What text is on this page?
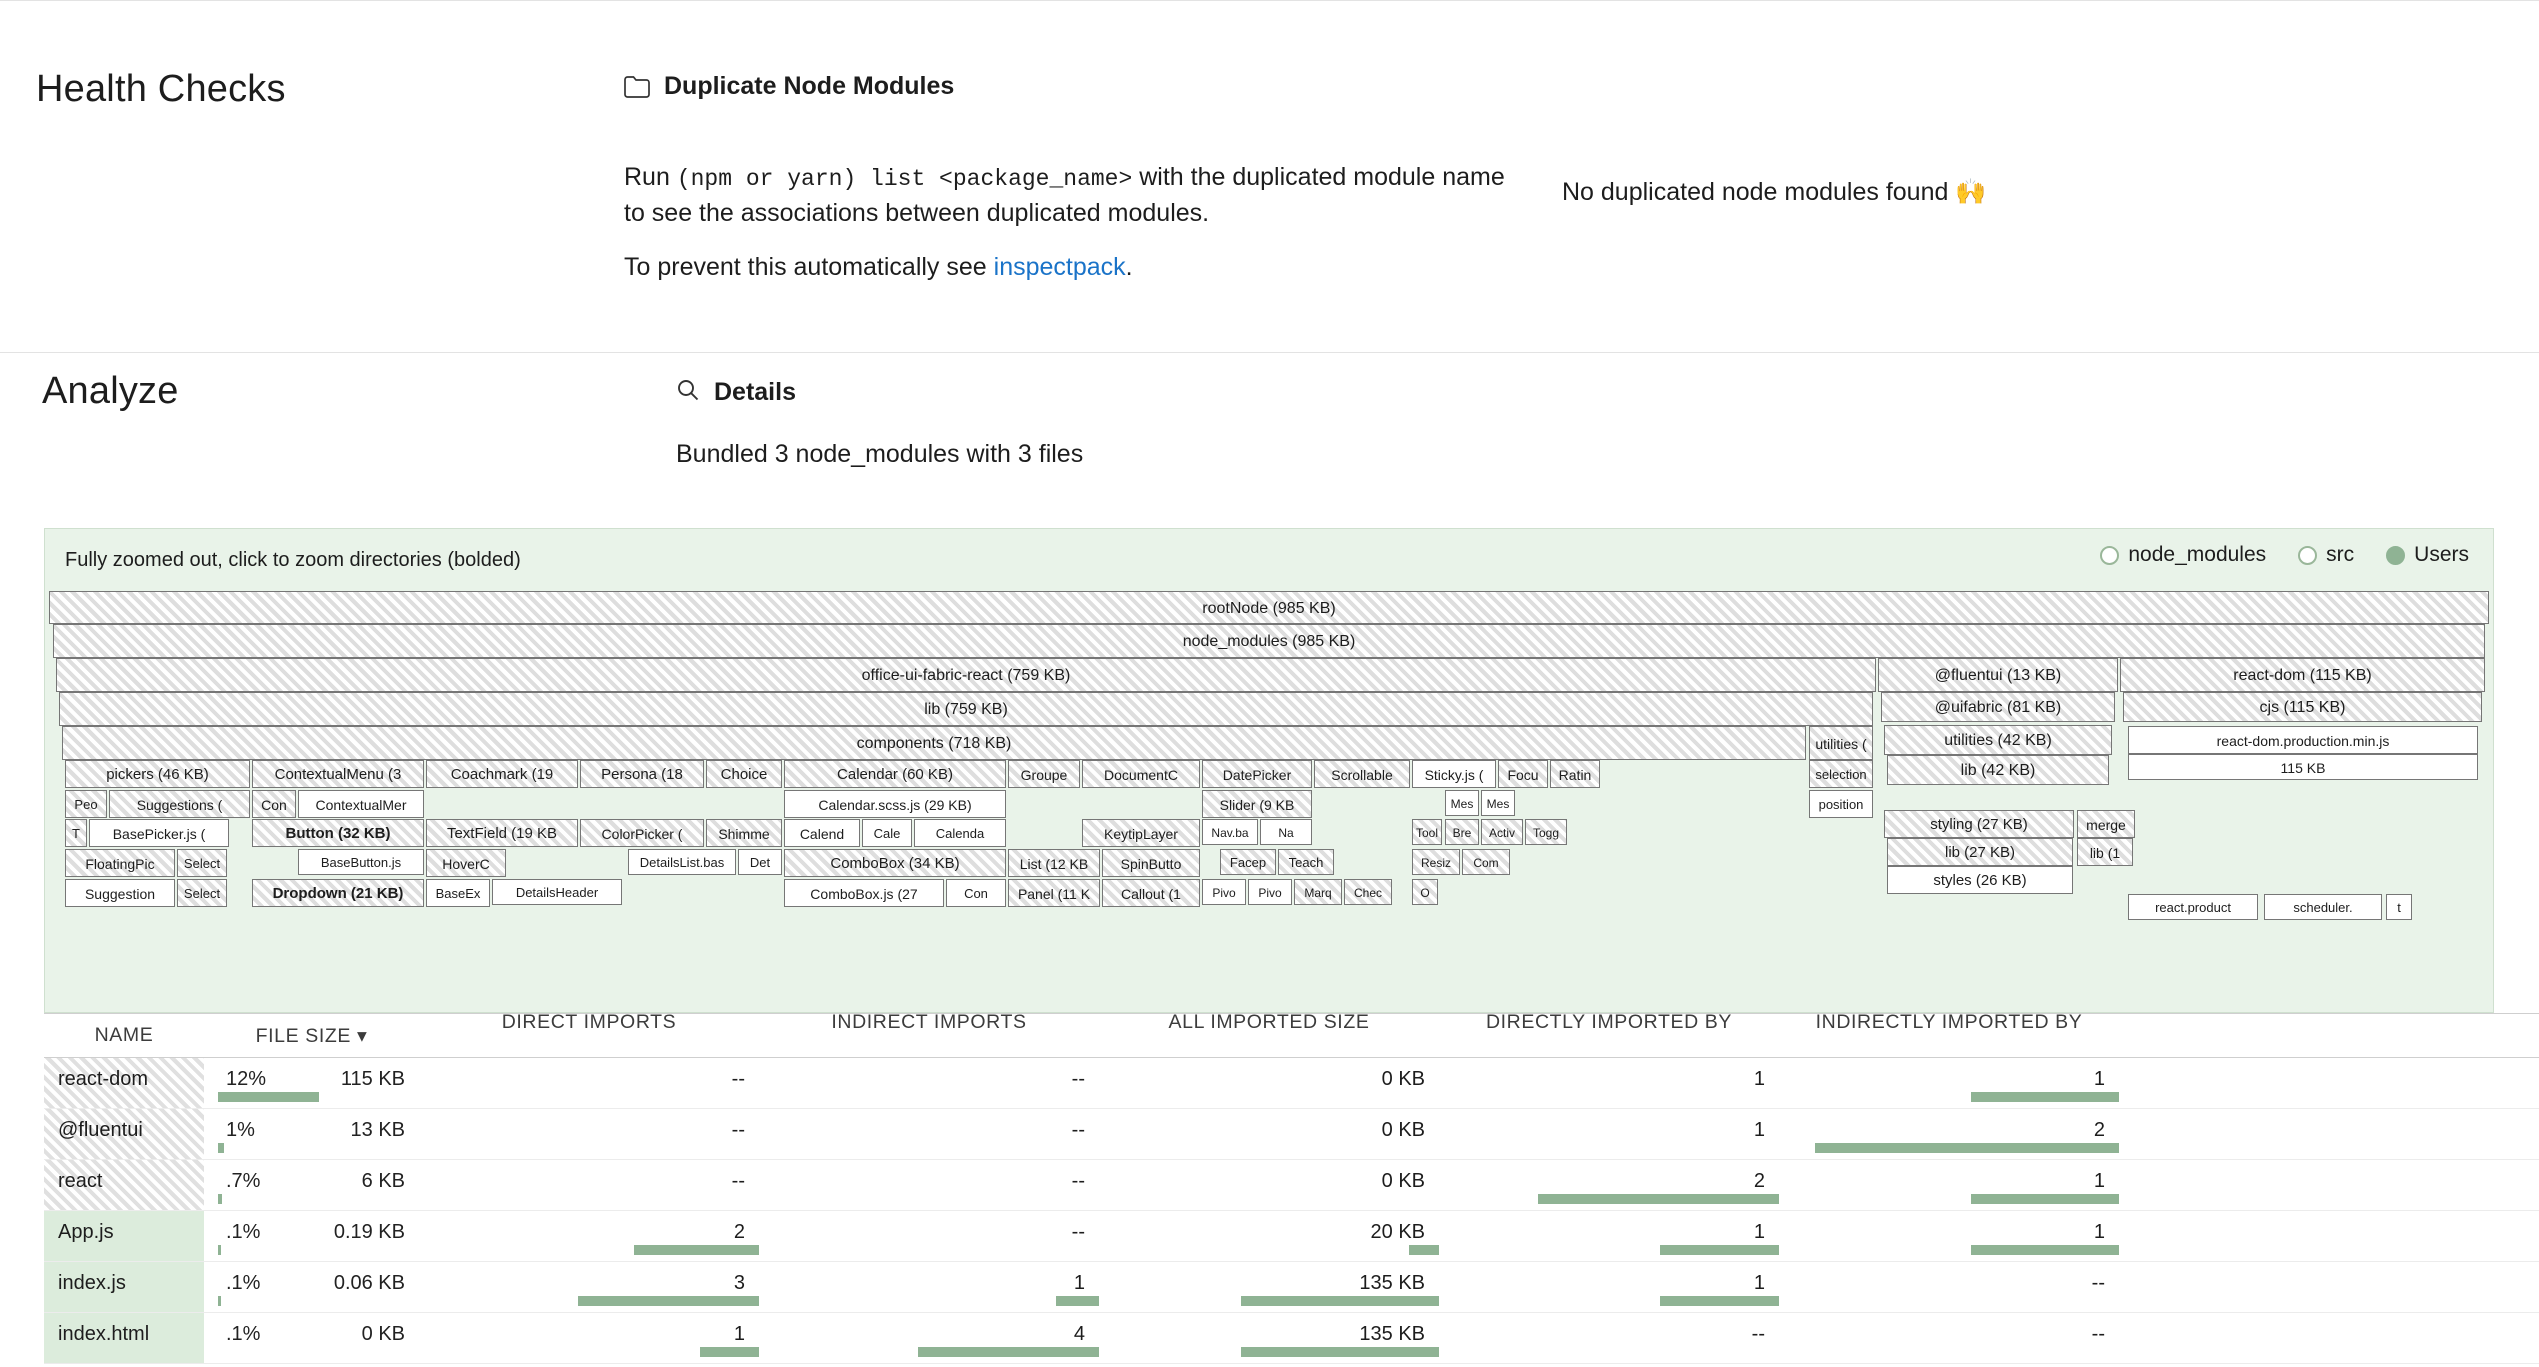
Health Checks	Duplicate Node Modules
Run (npm or yarn) list <package_name> with the duplicated module name to see the associations between duplicated modules.
To prevent this automatically see inspectpack.
No duplicated node modules found 🙌
Analyze	Details
Bundled 3 node_modules with 3 files
Fully zoomed out, click to zoom directories (bolded)	node_modules	src	Users
rootNode (985 KB)
node_modules (985 KB)
office-ui-fabric-react (759 KB)	@fluentui (13 KB)	react-dom (115 KB)
lib (759 KB)	@uifabric (81 KB)	cjs (115 KB)
components (718 KB)	utilities (	utilities (42 KB)	react-dom.production.min.js
115 KB
lib (42 KB)
styling (27 KB)	merge
lib (27 KB)	lib (1
styles (26 KB)
pickers (46 KB)	ContextualMenu (3	Coachmark (19	Persona (18	Choice	Calendar (60 KB)	Groupe	DocumentC	DatePicker	Scrollable	Sticky.js (	Focu	Ratin	selection
Peo	Suggestions (	Con	ContextualMer
TextField (19 KB	ColorPicker (	Shimme
Calendar.scss.js (29 KB)	Slider (9 KB	Mes	Mes	position
T	BasePicker.js (	Button (32 KB)	Calend	Cale	Calenda	KeytipLayer	Nav.ba	Na	Tool	Bre	Activ	Togg
FloatingPic	Select	HoverC
BaseButton.js	ComboBox (34 KB)	List (12 KB	SpinButto	Facep	Teach	Resiz	Com
Suggestion	Select	Dropdown (21 KB)	BaseEx	DetailsHeader	ComboBox.js (27	Con	Panel (11 K	Callout (1	Pivo	Pivo	Marq	Chec	O
react.product	scheduler.	t
DetailsList.bas	Det
NAME	FILE SIZE ▾
DIRECT IMPORTS	INDIRECT IMPORTS	ALL IMPORTED SIZE	DIRECTLY IMPORTED BY	INDIRECTLY IMPORTED BY
react-dom	12%	115 KB	--	--	0 KB	1	1
@fluentui	1%	13 KB	--	--	0 KB	1	2
react	.7%	6 KB	--	--	0 KB	2	1
App.js	.1%	0.19 KB	2	--	20 KB	1	1
index.js	.1%	0.06 KB	3	1	135 KB	1	--
index.html	.1%	0 KB	1	4	135 KB	--	--
